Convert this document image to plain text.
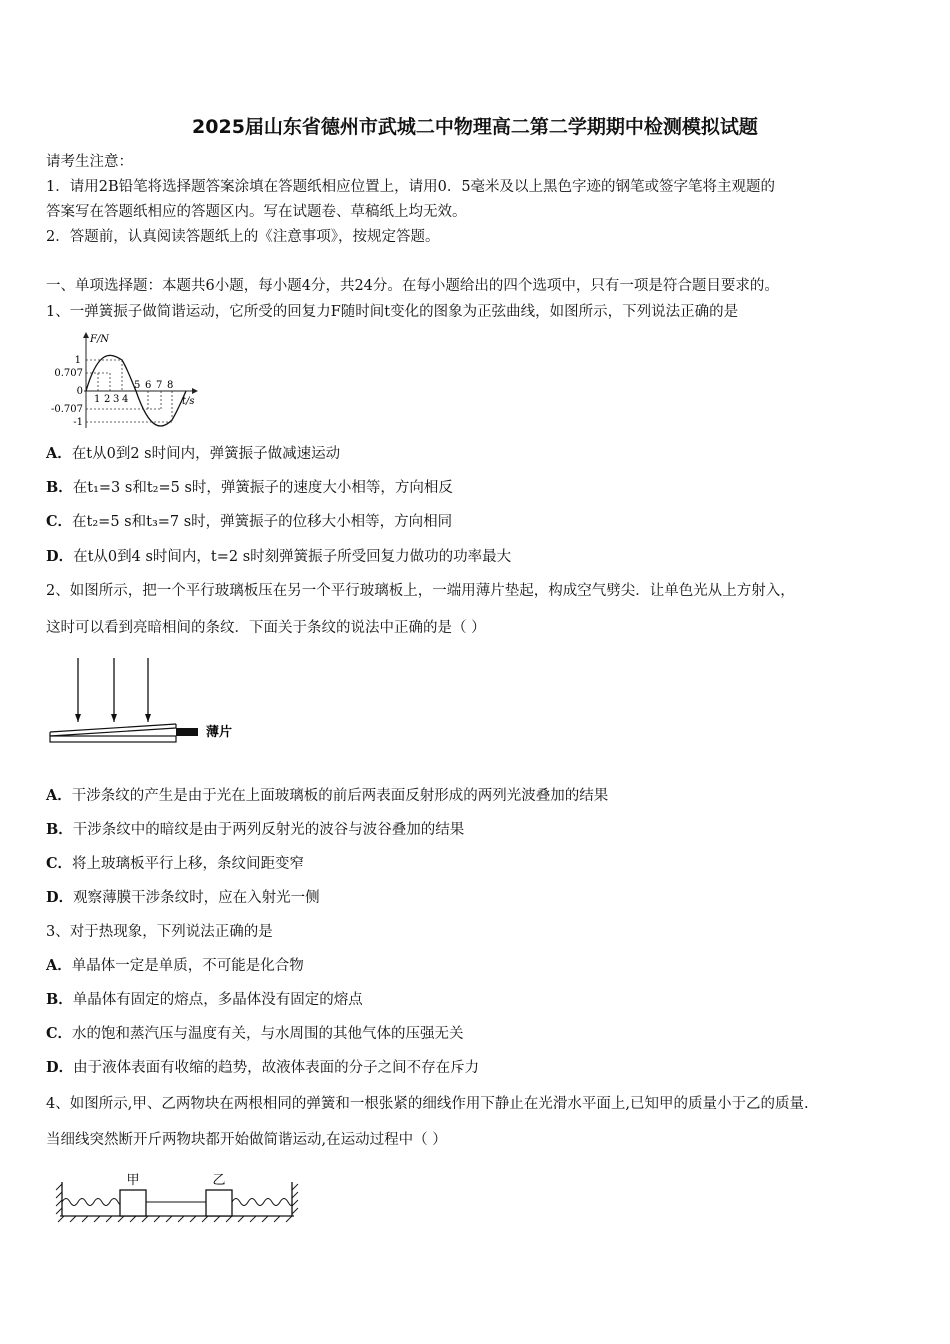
2025届山东省德州市武城二中物理高二第二学期期中检测模拟试题
请考生注意：
1．请用2B铅笔将选择题答案涂填在答题纸相应位置上，请用0．5毫米及以上黑色字迹的钢笔或签字笔将主观题的
答案写在答题纸相应的答题区内。写在试题卷、草稿纸上均无效。
2．答题前，认真阅读答题纸上的《注意事项》，按规定答题。
一、单项选择题：本题共6小题，每小题4分，共24分。在每小题给出的四个选项中，只有一项是符合题目要求的。
1、一弹簧振子做简谐运动，它所受的回复力F随时间t变化的图象为正弦曲线，如图所示，下列说法正确的是
F/N
t/s
1
0.707
0
-0.707
-1
1 2 3 4
5 6 7 8
A．在t从0到2 s时间内，弹簧振子做减速运动
B．在t₁=3 s和t₂=5 s时，弹簧振子的速度大小相等，方向相反
C．在t₂=5 s和t₃=7 s时，弹簧振子的位移大小相等，方向相同
D．在t从0到4 s时间内，t=2 s时刻弹簧振子所受回复力做功的功率最大
2、如图所示，把一个平行玻璃板压在另一个平行玻璃板上，一端用薄片垫起，构成空气劈尖．让单色光从上方射入，
这时可以看到亮暗相间的条纹．下面关于条纹的说法中正确的是（ ）
薄片
A．干涉条纹的产生是由于光在上面玻璃板的前后两表面反射形成的两列光波叠加的结果
B．干涉条纹中的暗纹是由于两列反射光的波谷与波谷叠加的结果
C．将上玻璃板平行上移，条纹间距变窄
D．观察薄膜干涉条纹时，应在入射光一侧
3、对于热现象，下列说法正确的是
A．单晶体一定是单质，不可能是化合物
B．单晶体有固定的熔点，多晶体没有固定的熔点
C．水的饱和蒸汽压与温度有关，与水周围的其他气体的压强无关
D．由于液体表面有收缩的趋势，故液体表面的分子之间不存在斥力
4、如图所示,甲、乙两物块在两根相同的弹簧和一根张紧的细线作用下静止在光滑水平面上,已知甲的质量小于乙的质量.
当细线突然断开斤两物块都开始做简谐运动,在运动过程中（ ）
甲	乙
